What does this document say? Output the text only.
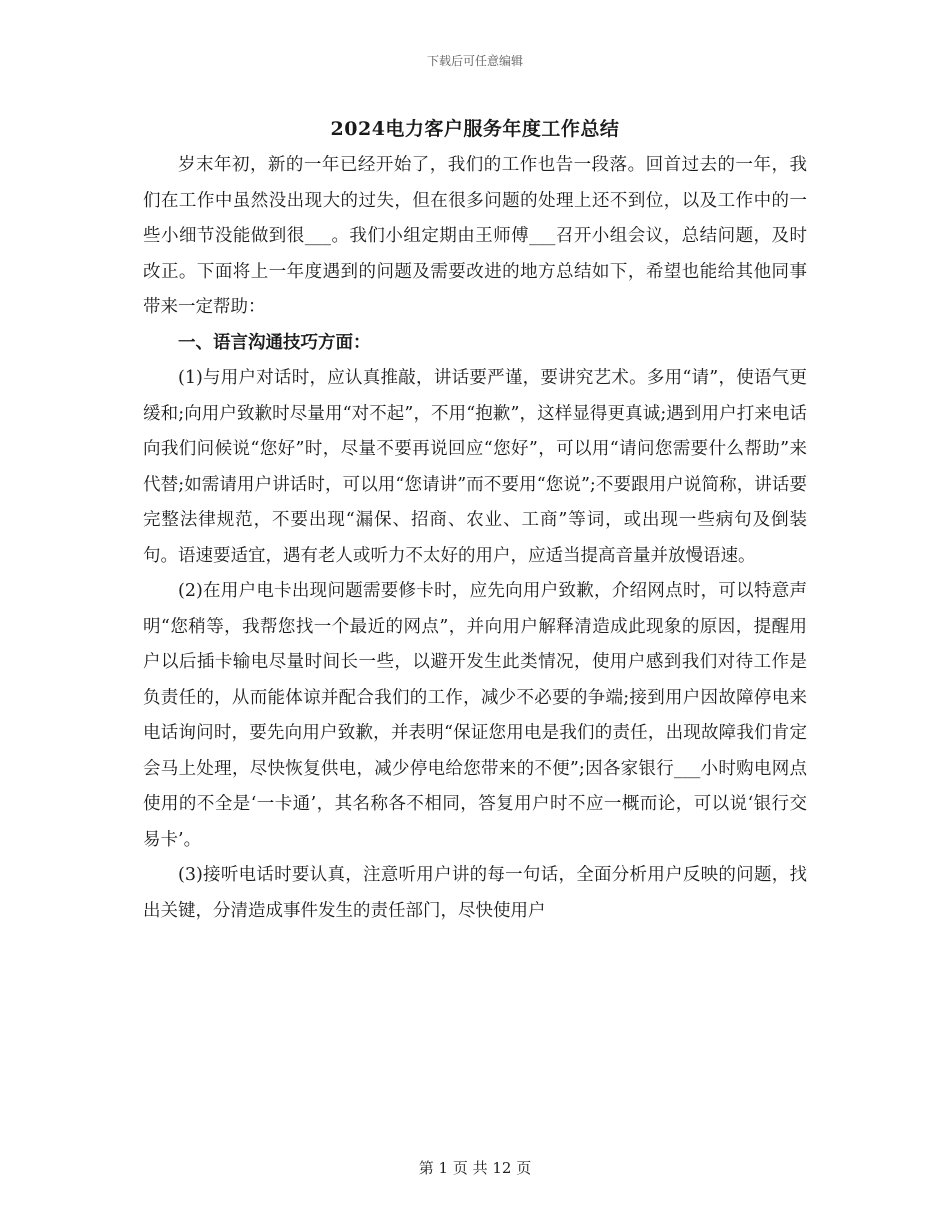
下载后可任意编辑
2024电力客户服务年度工作总结

岁末年初，新的一年已经开始了，我们的工作也告一段落。回首过去的一年，我们在工作中虽然没出现大的过失，但在很多问题的处理上还不到位，以及工作中的一些小细节没能做到很___。我们小组定期由王师傅___召开小组会议，总结问题，及时改正。下面将上一年度遇到的问题及需要改进的地方总结如下，希望也能给其他同事带来一定帮助：

一、语言沟通技巧方面：

(1)与用户对话时，应认真推敲，讲话要严谨，要讲究艺术。多用“请”，使语气更缓和;向用户致歉时尽量用“对不起”，不用“抱歉”，这样显得更真诚;遇到用户打来电话向我们问候说“您好”时，尽量不要再说回应“您好”，可以用“请问您需要什么帮助”来代替;如需请用户讲话时，可以用“您请讲”而不要用“您说”;不要跟用户说简称，讲话要完整法律规范，不要出现“漏保、招商、农业、工商”等词，或出现一些病句及倒装句。语速要适宜，遇有老人或听力不太好的用户，应适当提高音量并放慢语速。

(2)在用户电卡出现问题需要修卡时，应先向用户致歉，介绍网点时，可以特意声明“您稍等，我帮您找一个最近的网点”，并向用户解释清造成此现象的原因，提醒用户以后插卡输电尽量时间长一些，以避开发生此类情况，使用户感到我们对待工作是负责任的，从而能体谅并配合我们的工作，减少不必要的争端;接到用户因故障停电来电话询问时，要先向用户致歉，并表明“保证您用电是我们的责任，出现故障我们肯定会马上处理，尽快恢复供电，减少停电给您带来的不便”;因各家银行___小时购电网点使用的不全是‘一卡通’，其名称各不相同，答复用户时不应一概而论，可以说‘银行交易卡’。

(3)接听电话时要认真，注意听用户讲的每一句话，全面分析用户反映的问题，找出关键，分清造成事件发生的责任部门，尽快使用户

第 1 页 共 12 页
